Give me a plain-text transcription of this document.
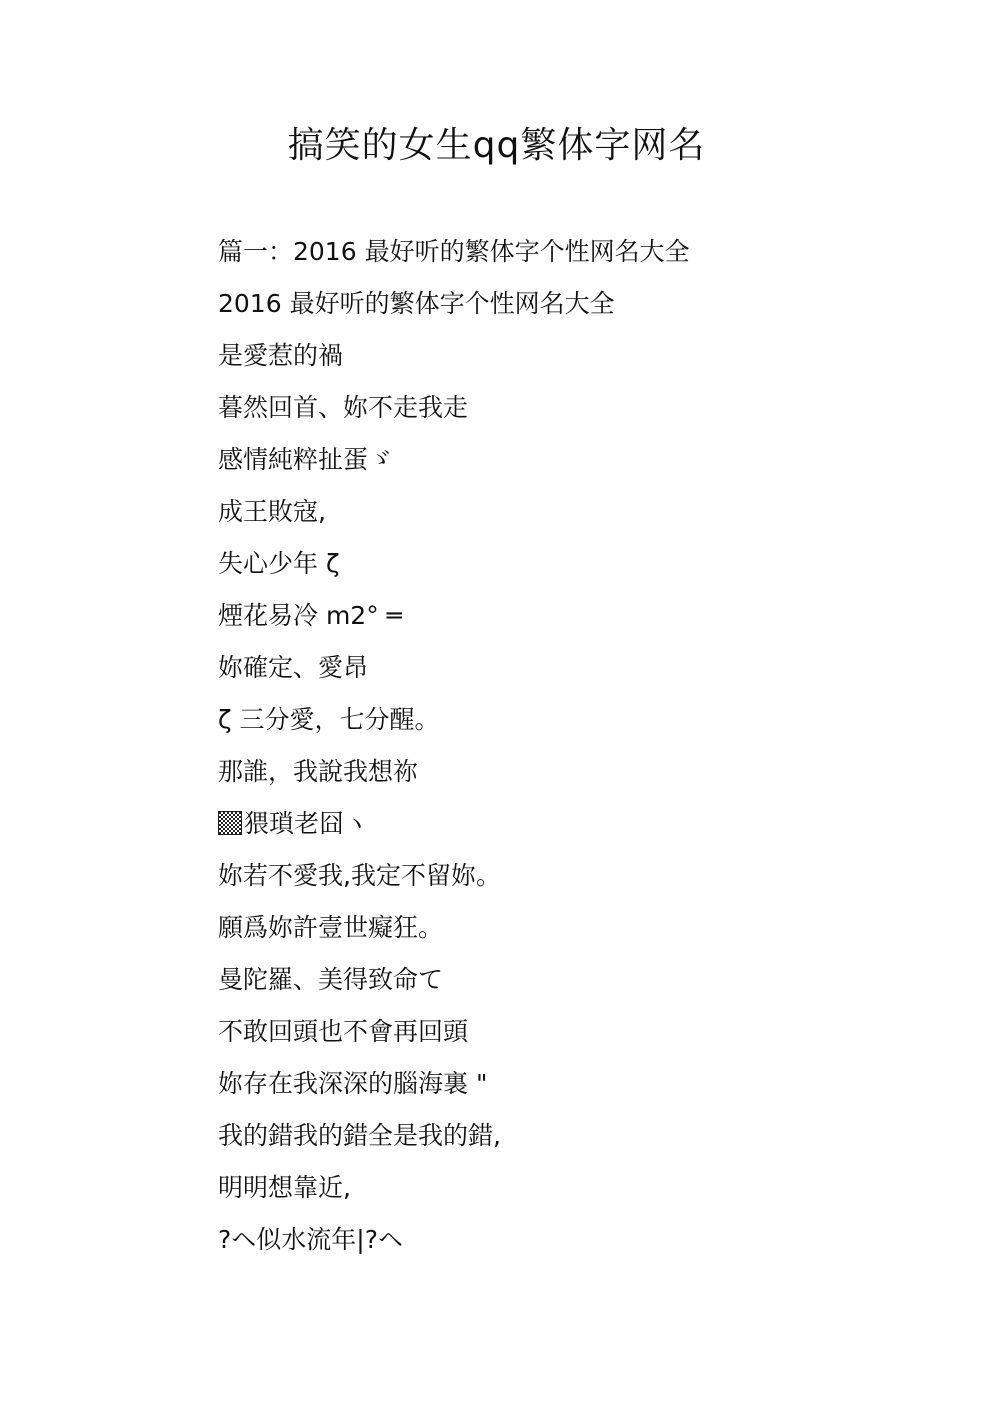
搞笑的女生qq繁体字网名
篇一：2016 最好听的繁体字个性网名大全
2016 最好听的繁体字个性网名大全
是愛惹的禍
暮然回首、妳不走我走
感情純粹扯蛋ゞ
成王敗寇,
失心少年 ζ
煙花易冷 m2° ═
妳確定、愛昂
ζ 三分愛，七分醒。
那誰，我說我想祢
猥瑣老囧ヽ
妳若不愛我,我定不留妳。
願爲妳許壹世癡狂。
曼陀羅、美得致命て
不敢回頭也不會再回頭
妳存在我深深的腦海裏 "
我的錯我的錯全是我的錯,
明明想靠近,
?ヘ似水流年|?ヘ
